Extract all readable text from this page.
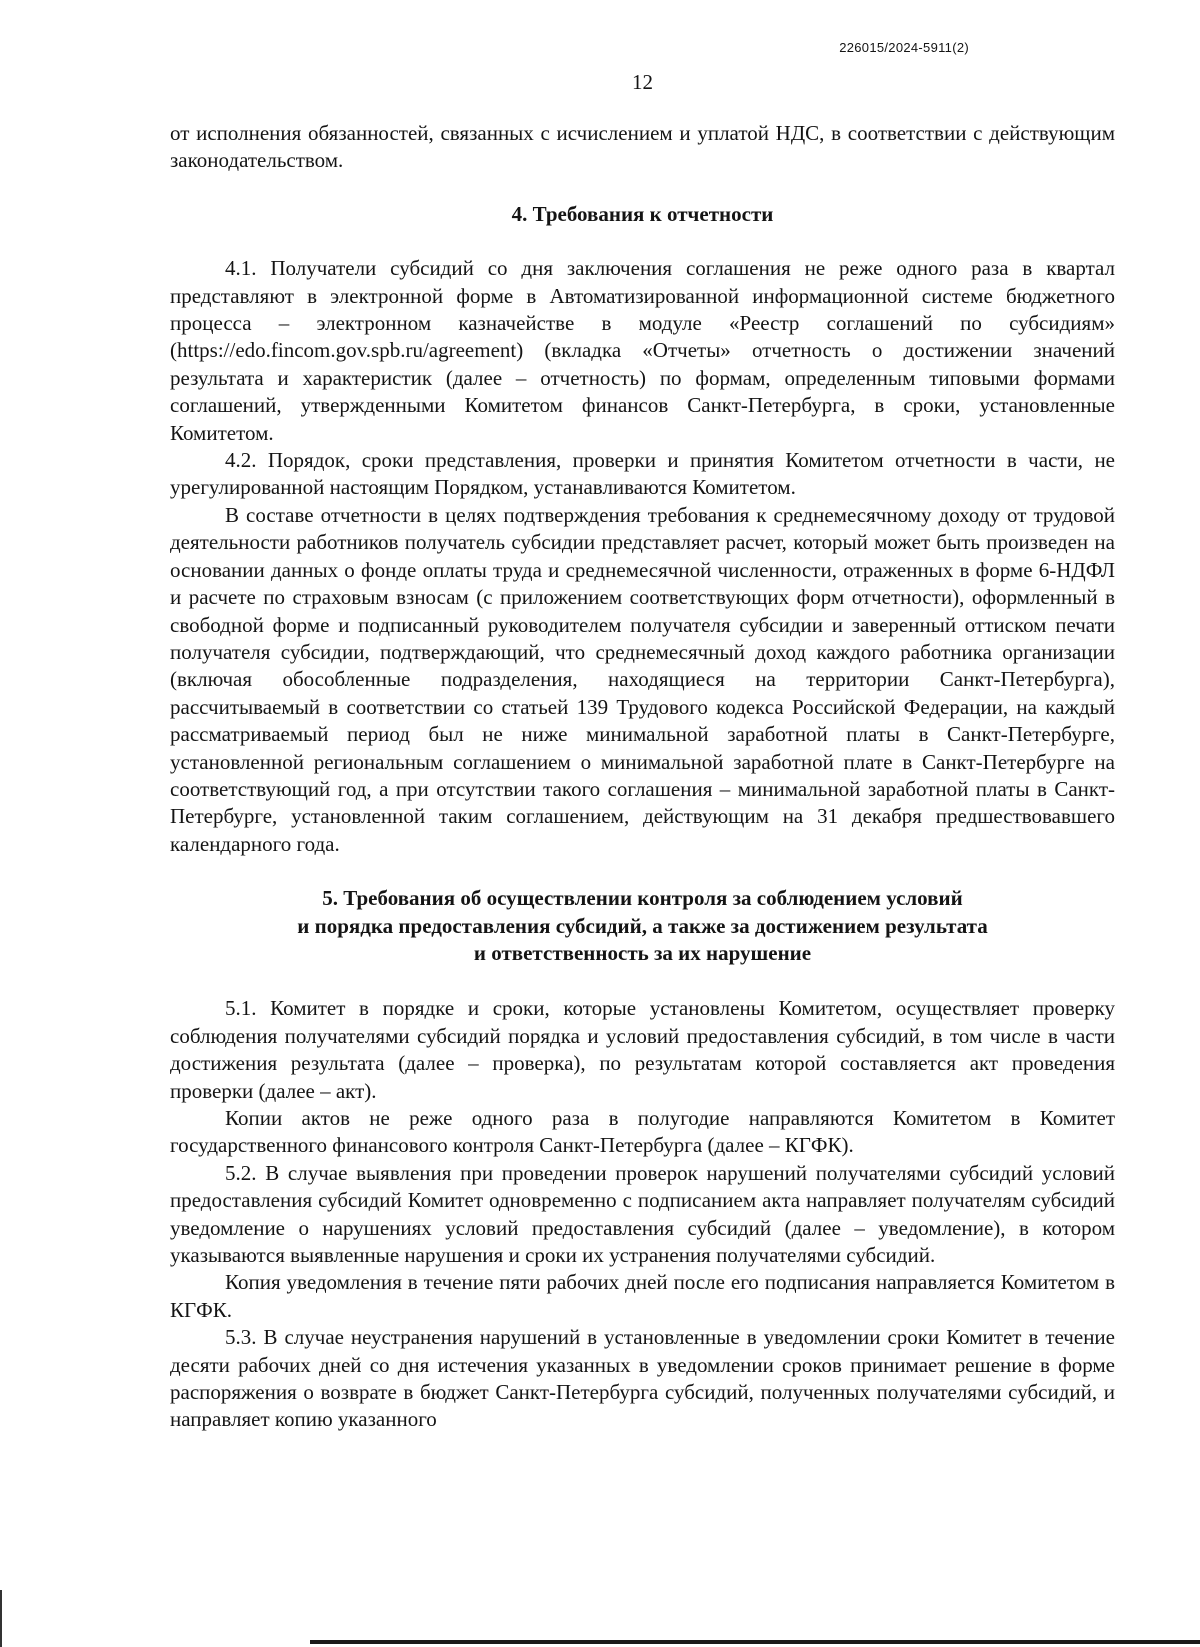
226015/2024-5911(2)
12

от исполнения обязанностей, связанных с исчислением и уплатой НДС, в соответствии с действующим законодательством.

4. Требования к отчетности

4.1. Получатели субсидий со дня заключения соглашения не реже одного раза в квартал представляют в электронной форме в Автоматизированной информационной системе бюджетного процесса – электронном казначействе в модуле «Реестр соглашений по субсидиям» (https://edo.fincom.gov.spb.ru/agreement) (вкладка «Отчеты» отчетность о достижении значений результата и характеристик (далее – отчетность) по формам, определенным типовыми формами соглашений, утвержденными Комитетом финансов Санкт-Петербурга, в сроки, установленные Комитетом.

4.2. Порядок, сроки представления, проверки и принятия Комитетом отчетности в части, не урегулированной настоящим Порядком, устанавливаются Комитетом.

В составе отчетности в целях подтверждения требования к среднемесячному доходу от трудовой деятельности работников получатель субсидии представляет расчет, который может быть произведен на основании данных о фонде оплаты труда и среднемесячной численности, отраженных в форме 6-НДФЛ и расчете по страховым взносам (с приложением соответствующих форм отчетности), оформленный в свободной форме и подписанный руководителем получателя субсидии и заверенный оттиском печати получателя субсидии, подтверждающий, что среднемесячный доход каждого работника организации (включая обособленные подразделения, находящиеся на территории Санкт-Петербурга), рассчитываемый в соответствии со статьей 139 Трудового кодекса Российской Федерации, на каждый рассматриваемый период был не ниже минимальной заработной платы в Санкт-Петербурге, установленной региональным соглашением о минимальной заработной плате в Санкт-Петербурге на соответствующий год, а при отсутствии такого соглашения – минимальной заработной платы в Санкт-Петербурге, установленной таким соглашением, действующим на 31 декабря предшествовавшего календарного года.

5. Требования об осуществлении контроля за соблюдением условий
и порядка предоставления субсидий, а также за достижением результата
и ответственность за их нарушение

5.1. Комитет в порядке и сроки, которые установлены Комитетом, осуществляет проверку соблюдения получателями субсидий порядка и условий предоставления субсидий, в том числе в части достижения результата (далее – проверка), по результатам которой составляется акт проведения проверки (далее – акт).

Копии актов не реже одного раза в полугодие направляются Комитетом в Комитет государственного финансового контроля Санкт-Петербурга (далее – КГФК).

5.2. В случае выявления при проведении проверок нарушений получателями субсидий условий предоставления субсидий Комитет одновременно с подписанием акта направляет получателям субсидий уведомление о нарушениях условий предоставления субсидий (далее – уведомление), в котором указываются выявленные нарушения и сроки их устранения получателями субсидий.

Копия уведомления в течение пяти рабочих дней после его подписания направляется Комитетом в КГФК.

5.3. В случае неустранения нарушений в установленные в уведомлении сроки Комитет в течение десяти рабочих дней со дня истечения указанных в уведомлении сроков принимает решение в форме распоряжения о возврате в бюджет Санкт-Петербурга субсидий, полученных получателями субсидий, и направляет копию указанного
